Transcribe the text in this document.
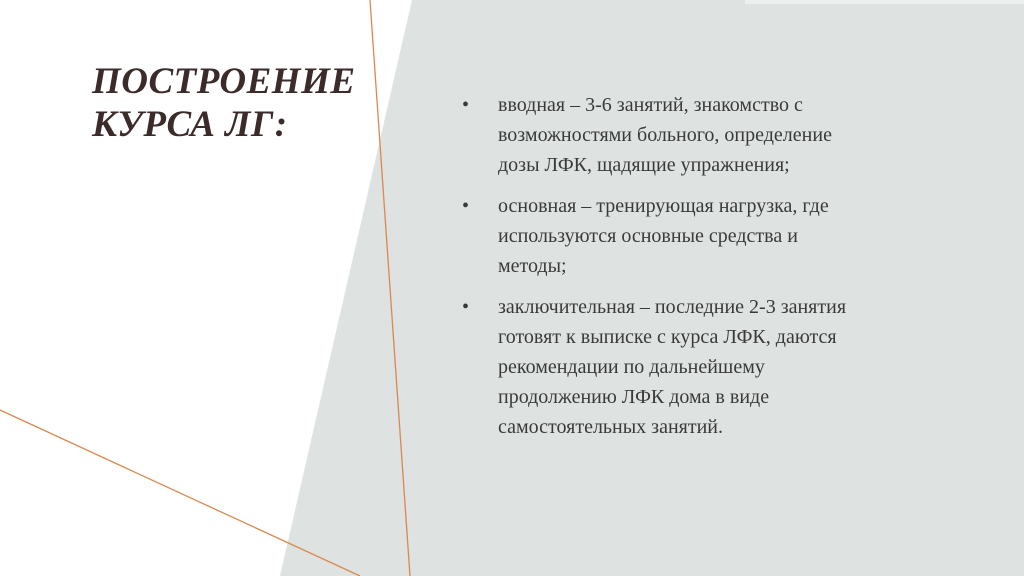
ПОСТРОЕНИЕ
КУРСА ЛГ:	•	вводная – 3-6 занятий, знакомство с
возможностями больного, определение
дозы ЛФК, щадящие упражнения;
•	основная – тренирующая нагрузка, где
используются основные средства и
методы;
•	заключительная – последние 2-3 занятия
готовят к выписке с курса ЛФК, даются
рекомендации по дальнейшему
продолжению ЛФК дома в виде
самостоятельных занятий.
